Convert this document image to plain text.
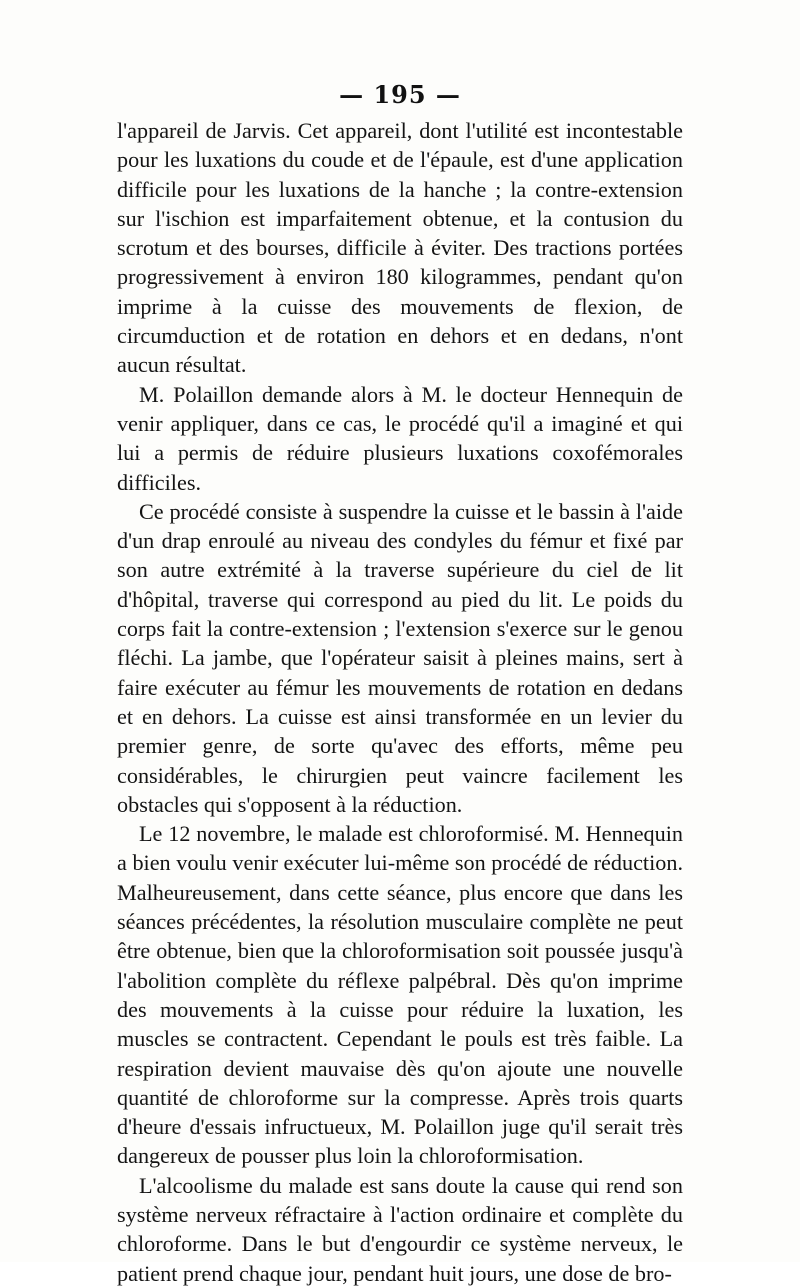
— 195 —

l'appareil de Jarvis. Cet appareil, dont l'utilité est incontestable pour les luxations du coude et de l'épaule, est d'une application difficile pour les luxations de la hanche ; la contre-extension sur l'ischion est imparfaitement obtenue, et la contusion du scrotum et des bourses, difficile à éviter. Des tractions portées progressivement à environ 180 kilogrammes, pendant qu'on imprime à la cuisse des mouvements de flexion, de circumduction et de rotation en dehors et en dedans, n'ont aucun résultat.

M. Polaillon demande alors à M. le docteur Hennequin de venir appliquer, dans ce cas, le procédé qu'il a imaginé et qui lui a permis de réduire plusieurs luxations coxofémorales difficiles.

Ce procédé consiste à suspendre la cuisse et le bassin à l'aide d'un drap enroulé au niveau des condyles du fémur et fixé par son autre extrémité à la traverse supérieure du ciel de lit d'hôpital, traverse qui correspond au pied du lit. Le poids du corps fait la contre-extension ; l'extension s'exerce sur le genou fléchi. La jambe, que l'opérateur saisit à pleines mains, sert à faire exécuter au fémur les mouvements de rotation en dedans et en dehors. La cuisse est ainsi transformée en un levier du premier genre, de sorte qu'avec des efforts, même peu considérables, le chirurgien peut vaincre facilement les obstacles qui s'opposent à la réduction.

Le 12 novembre, le malade est chloroformisé. M. Hennequin a bien voulu venir exécuter lui-même son procédé de réduction. Malheureusement, dans cette séance, plus encore que dans les séances précédentes, la résolution musculaire complète ne peut être obtenue, bien que la chloroformisation soit poussée jusqu'à l'abolition complète du réflexe palpébral. Dès qu'on imprime des mouvements à la cuisse pour réduire la luxation, les muscles se contractent. Cependant le pouls est très faible. La respiration devient mauvaise dès qu'on ajoute une nouvelle quantité de chloroforme sur la compresse. Après trois quarts d'heure d'essais infructueux, M. Polaillon juge qu'il serait très dangereux de pousser plus loin la chloroformisation.

L'alcoolisme du malade est sans doute la cause qui rend son système nerveux réfractaire à l'action ordinaire et complète du chloroforme. Dans le but d'engourdir ce système nerveux, le patient prend chaque jour, pendant huit jours, une dose de bro-
